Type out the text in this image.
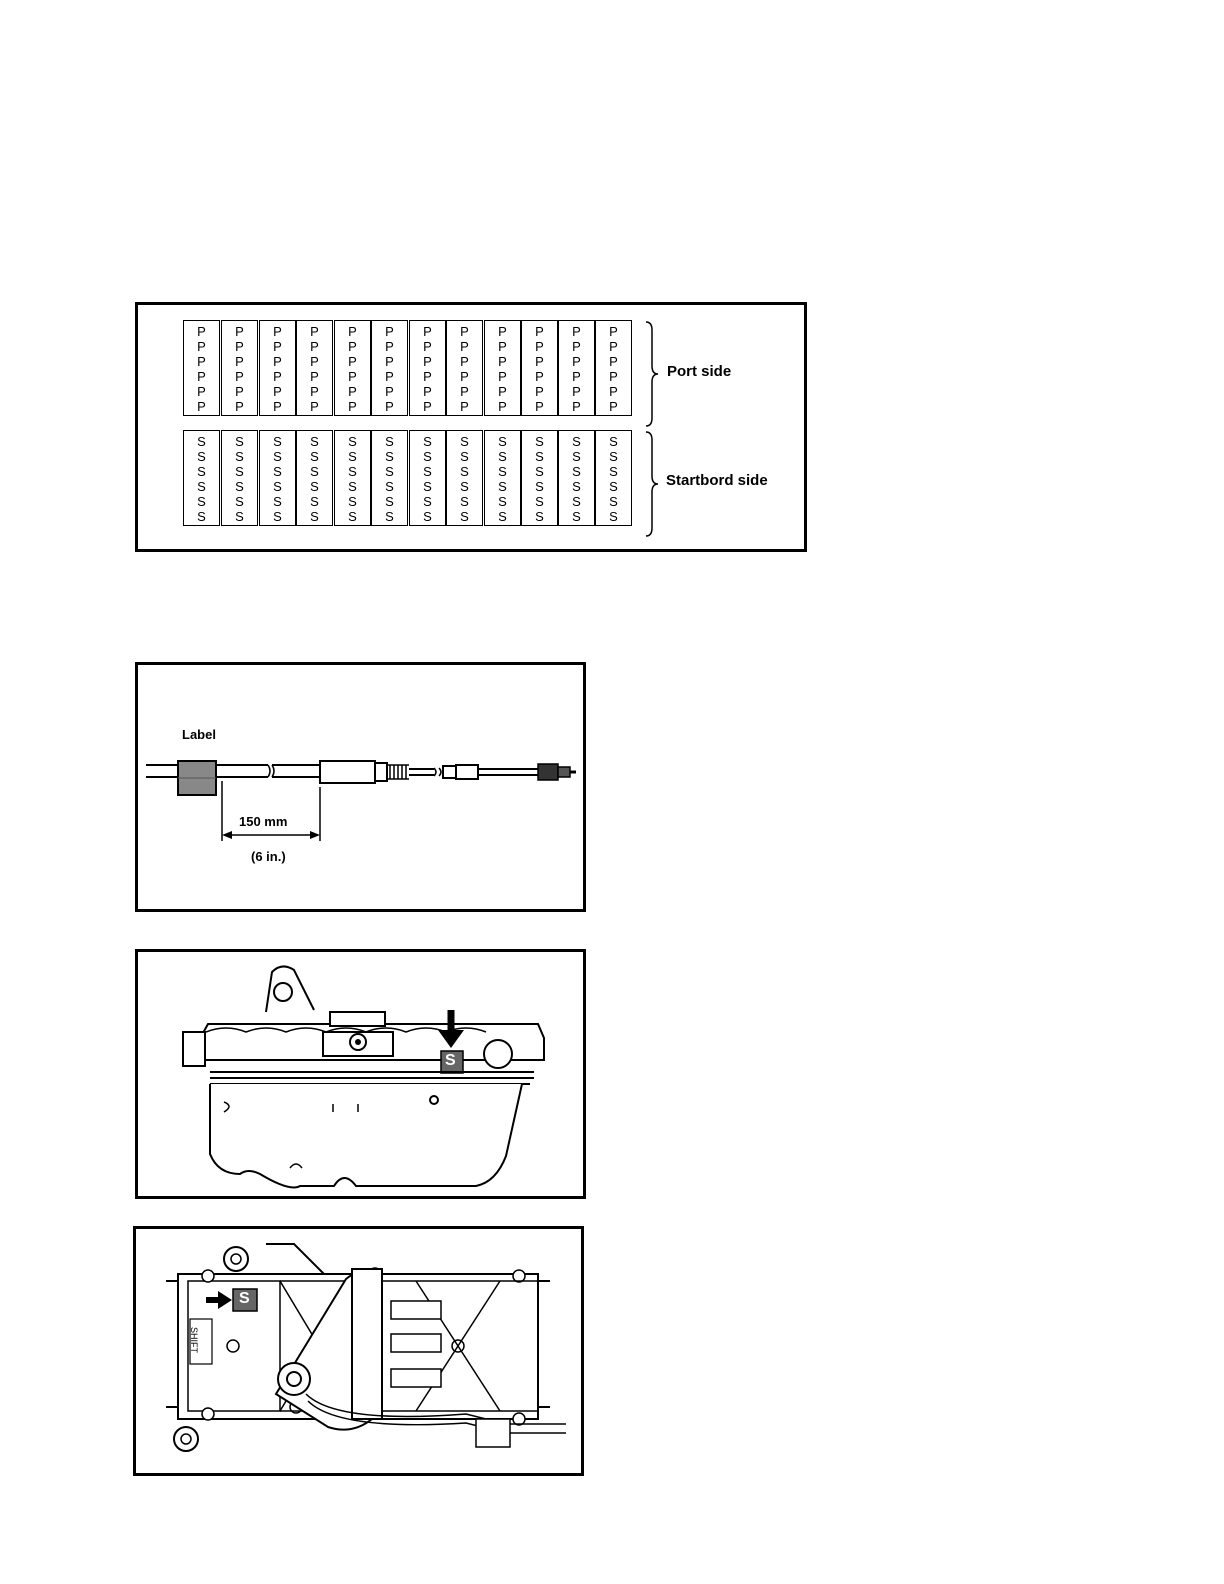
P
P
P
P
P
P
P
P
P
P
P
P
P
P
P
P
P
P
P
P
P
P
P
P
P
P
P
P
P
P
P
P
P
P
P
P
P
P
P
P
P
P
P
P
P
P
P
P
P
P
P
P
P
P
P
P
P
P
P
P
P
P
P
P
P
P
P
P
P
P
P
P
S
S
S
S
S
S
S
S
S
S
S
S
S
S
S
S
S
S
S
S
S
S
S
S
S
S
S
S
S
S
S
S
S
S
S
S
S
S
S
S
S
S
S
S
S
S
S
S
S
S
S
S
S
S
S
S
S
S
S
S
S
S
S
S
S
S
S
S
S
S
S
S
Port side
Startbord side
Label
150 mm
(6 in.)
S
S
SHIFT
